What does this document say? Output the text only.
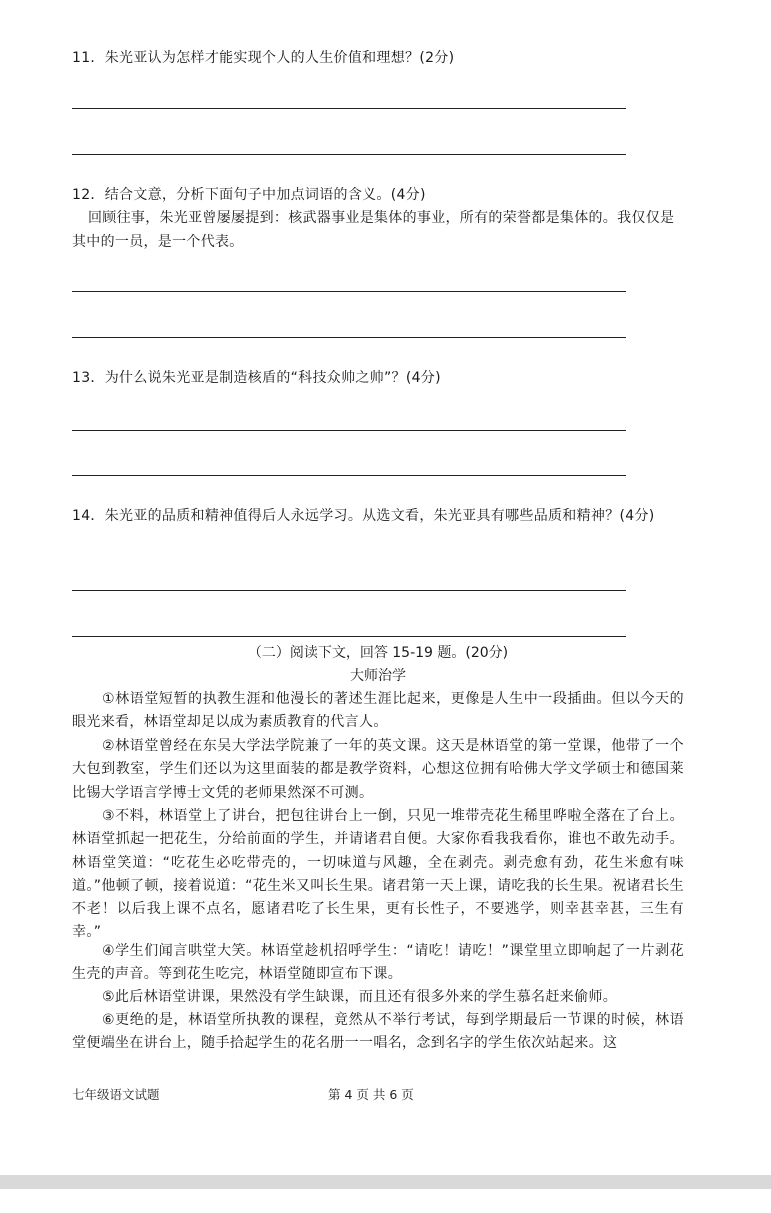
11．朱光亚认为怎样才能实现个人的人生价值和理想？(2分)
12．结合文意，分析下面句子中加点词语的含义。(4分)
回顾往事，朱光亚曾屡屡提到：核武器事业是集体的事业，所有的荣誉都是集体的。我仅仅是其中的一员，是一个代表。
13．为什么说朱光亚是制造核盾的“科技众帅之帅”？(4分)
14．朱光亚的品质和精神值得后人永远学习。从选文看，朱光亚具有哪些品质和精神？(4分)
（二）阅读下文，回答 15-19 题。(20分)
大师治学
①林语堂短暂的执教生涯和他漫长的著述生涯比起来，更像是人生中一段插曲。但以今天的眼光来看，林语堂却足以成为素质教育的代言人。
②林语堂曾经在东吴大学法学院兼了一年的英文课。这天是林语堂的第一堂课，他带了一个大包到教室，学生们还以为这里面装的都是教学资料，心想这位拥有哈佛大学文学硕士和德国莱比锡大学语言学博士文凭的老师果然深不可测。
③不料，林语堂上了讲台，把包往讲台上一倒，只见一堆带壳花生稀里哗啦全落在了台上。林语堂抓起一把花生，分给前面的学生，并请诸君自便。大家你看我我看你，谁也不敢先动手。林语堂笑道：“吃花生必吃带壳的，一切味道与风趣，全在剥壳。剥壳愈有劲，花生米愈有味道。”他顿了顿，接着说道：“花生米又叫长生果。诸君第一天上课，请吃我的长生果。祝诸君长生不老！以后我上课不点名，愿诸君吃了长生果，更有长性子，不要逃学，则幸甚幸甚，三生有幸。”
④学生们闻言哄堂大笑。林语堂趁机招呼学生：“请吃！请吃！”课堂里立即响起了一片剥花生壳的声音。等到花生吃完，林语堂随即宣布下课。
⑤此后林语堂讲课，果然没有学生缺课，而且还有很多外来的学生慕名赶来偷师。
⑥更绝的是，林语堂所执教的课程，竟然从不举行考试，每到学期最后一节课的时候，林语堂便端坐在讲台上，随手拾起学生的花名册一一唱名，念到名字的学生依次站起来。这
七年级语文试题	第 4 页 共 6 页
